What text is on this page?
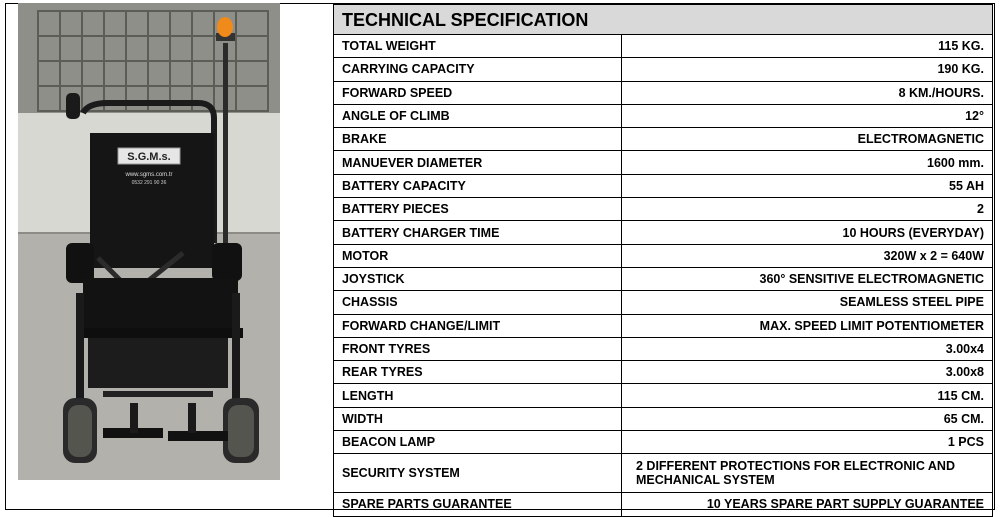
S.G.M.s.
www.sgms.com.tr
0532 291 90 36
TECHNICAL SPECIFICATION	
TOTAL WEIGHT	115 KG.
CARRYING CAPACITY	190 KG.
FORWARD SPEED	8 KM./HOURS.
ANGLE OF CLIMB	12°
BRAKE	ELECTROMAGNETIC
MANUEVER DIAMETER	1600 mm.
BATTERY CAPACITY	55 AH
BATTERY PIECES	2
BATTERY CHARGER TIME	10 HOURS (EVERYDAY)
MOTOR	320W x 2 = 640W
JOYSTICK	360° SENSITIVE ELECTROMAGNETIC
CHASSIS	SEAMLESS STEEL PIPE
FORWARD CHANGE/LIMIT	MAX. SPEED LIMIT POTENTIOMETER
FRONT TYRES	3.00x4
REAR TYRES	3.00x8
LENGTH	115 CM.
WIDTH	65 CM.
BEACON LAMP	1 PCS
SECURITY SYSTEM	2 DIFFERENT PROTECTIONS FOR ELECTRONIC AND MECHANICAL SYSTEM
SPARE PARTS GUARANTEE	10 YEARS SPARE PART SUPPLY GUARANTEE
